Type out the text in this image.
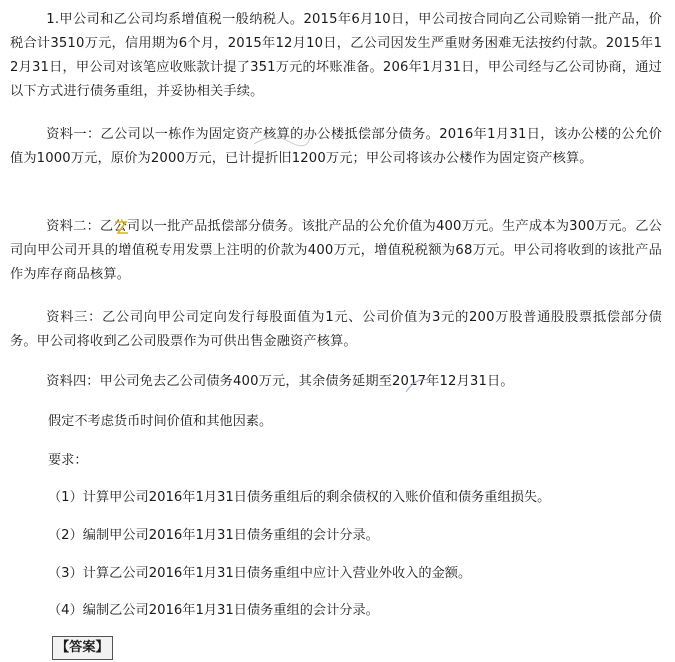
1.甲公司和乙公司均系增值税一般纳税人。2015年6月10日，甲公司按合同向乙公司赊销一批产品，价税合计3510万元，信用期为6个月，2015年12月10日，乙公司因发生严重财务困难无法按约付款。2015年12月31日，甲公司对该笔应收账款计提了351万元的坏账准备。206年1月31日，甲公司经与乙公司协商，通过以下方式进行债务重组，并妥协相关手续。

资料一：乙公司以一栋作为固定资产核算的办公楼抵偿部分债务。2016年1月31日，该办公楼的公允价值为1000万元，原价为2000万元，已计提折旧1200万元；甲公司将该办公楼作为固定资产核算。

资料二：乙公司以一批产品抵偿部分债务。该批产品的公允价值为400万元。生产成本为300万元。乙公司向甲公司开具的增值税专用发票上注明的价款为400万元，增值税税额为68万元。甲公司将收到的该批产品作为库存商品核算。

资料三：乙公司向甲公司定向发行每股面值为1元、公司价值为3元的200万股普通股股票抵偿部分债务。甲公司将收到乙公司股票作为可供出售金融资产核算。

资料四：甲公司免去乙公司债务400万元，其余债务延期至2017年12月31日。

假定不考虑货币时间价值和其他因素。

要求：

（1）计算甲公司2016年1月31日债务重组后的剩余债权的入账价值和债务重组损失。

（2）编制甲公司2016年1月31日债务重组的会计分录。

（3）计算乙公司2016年1月31日债务重组中应计入营业外收入的金额。

（4）编制乙公司2016年1月31日债务重组的会计分录。

【答案】
